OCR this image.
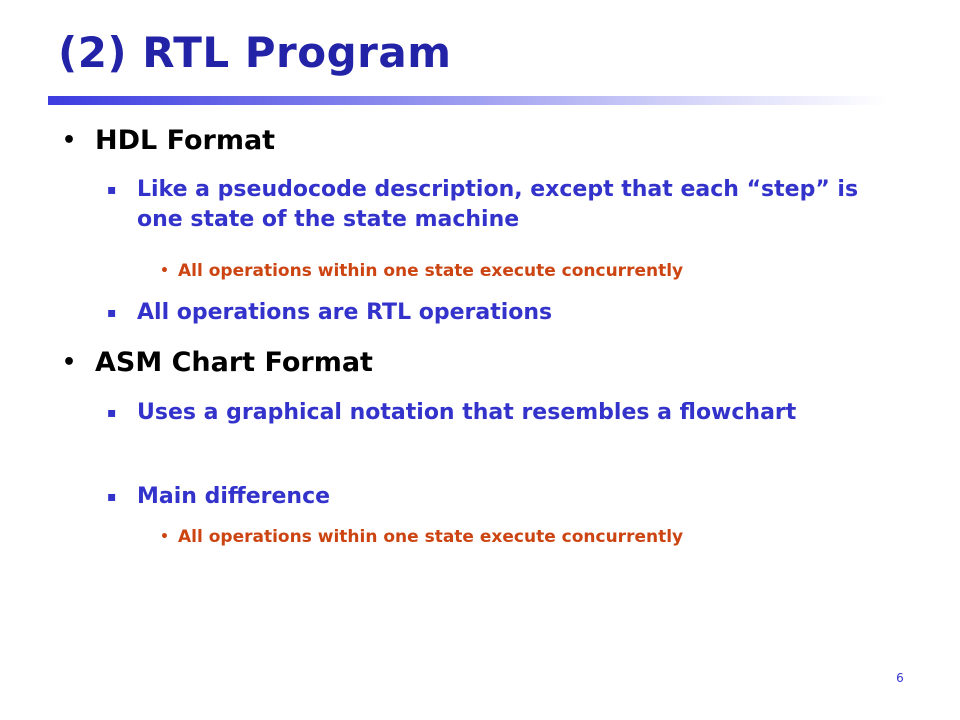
(2) RTL Program
• HDL Format
▪ Like a pseudocode description, except that each “step” is one state of the state machine
• All operations within one state execute concurrently
▪ All operations are RTL operations
• ASM Chart Format
▪ Uses a graphical notation that resembles a flowchart
▪ Main difference
• All operations within one state execute concurrently
6
